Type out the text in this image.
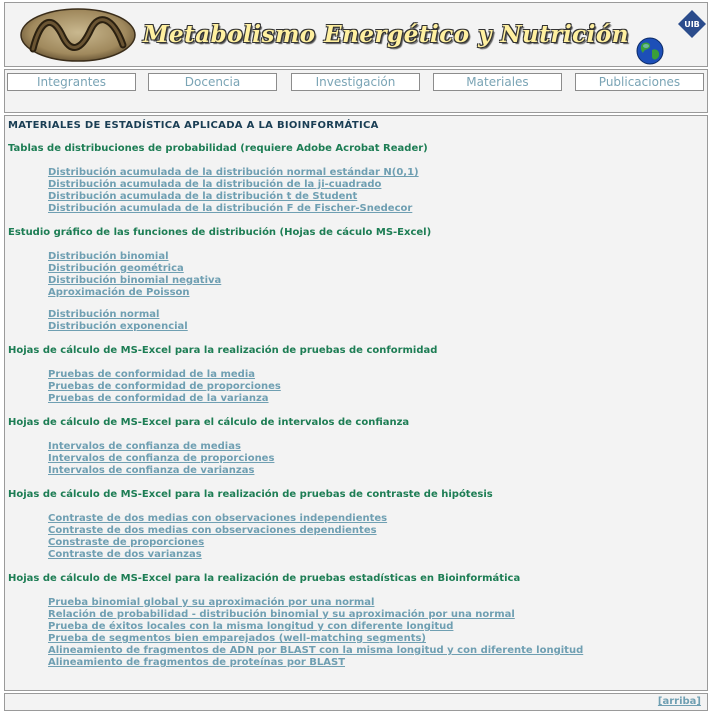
Metabolismo Energético y Nutrición	UIB
Integrantes	Docencia	Investigación	Materiales	Publicaciones
MATERIALES DE ESTADÍSTICA APLICADA A LA BIOINFORMÁTICA
Tablas de distribuciones de probabilidad (requiere Adobe Acrobat Reader)
Distribución acumulada de la distribución normal estándar N(0,1)
Distribución acumulada de la distribución de la ji-cuadrado
Distribución acumulada de la distribución t de Student
Distribución acumulada de la distribución F de Fischer-Snedecor
Estudio gráfico de las funciones de distribución (Hojas de cáculo MS-Excel)
Distribución binomial
Distribución geométrica
Distribución binomial negativa
Aproximación de Poisson
Distribución normal
Distribución exponencial
Hojas de cálculo de MS-Excel para la realización de pruebas de conformidad
Pruebas de conformidad de la media
Pruebas de conformidad de proporciones
Pruebas de conformidad de la varianza
Hojas de cálculo de MS-Excel para el cálculo de intervalos de confianza
Intervalos de confianza de medias
Intervalos de confianza de proporciones
Intervalos de confianza de varianzas
Hojas de cálculo de MS-Excel para la realización de pruebas de contraste de hipótesis
Contraste de dos medias con observaciones independientes
Contraste de dos medias con observaciones dependientes
Constraste de proporciones
Contraste de dos varianzas
Hojas de cálculo de MS-Excel para la realización de pruebas estadísticas en Bioinformática
Prueba binomial global y su aproximación por una normal
Relación de probabilidad - distribución binomial y su aproximación por una normal
Prueba de éxitos locales con la misma longitud y con diferente longitud
Prueba de segmentos bien emparejados (well-matching segments)
Alineamiento de fragmentos de ADN por BLAST con la misma longitud y con diferente longitud
Alineamiento de fragmentos de proteínas por BLAST
[arriba]
